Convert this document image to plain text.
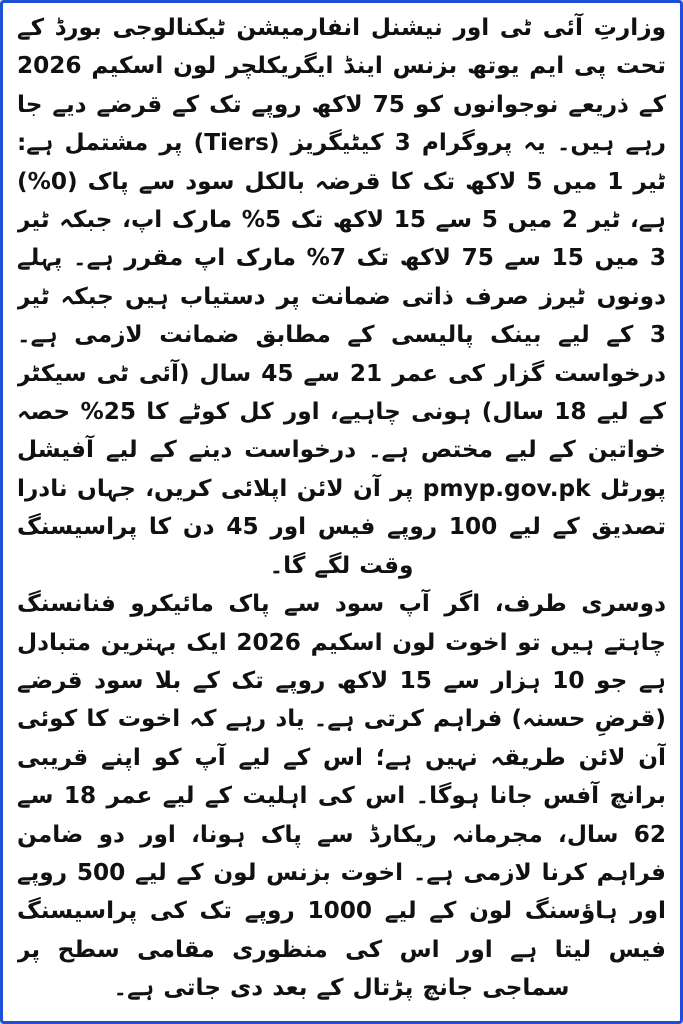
وزارتِ آئی ٹی اور نیشنل انفارمیشن ٹیکنالوجی بورڈ کے تحت پی ایم یوتھ بزنس اینڈ ایگریکلچر لون اسکیم 2026 کے ذریعے نوجوانوں کو 75 لاکھ روپے تک کے قرضے دیے جا رہے ہیں۔ یہ پروگرام 3 کیٹیگریز (Tiers) پر مشتمل ہے: ٹیر 1 میں 5 لاکھ تک کا قرضہ بالکل سود سے پاک (0%) ہے، ٹیر 2 میں 5 سے 15 لاکھ تک 5% مارک اپ، جبکہ ٹیر 3 میں 15 سے 75 لاکھ تک 7% مارک اپ مقرر ہے۔ پہلے دونوں ٹیرز صرف ذاتی ضمانت پر دستیاب ہیں جبکہ ٹیر 3 کے لیے بینک پالیسی کے مطابق ضمانت لازمی ہے۔ درخواست گزار کی عمر 21 سے 45 سال (آئی ٹی سیکٹر کے لیے 18 سال) ہونی چاہیے، اور کل کوٹے کا 25% حصہ خواتین کے لیے مختص ہے۔ درخواست دینے کے لیے آفیشل پورٹل pmyp.gov.pk پر آن لائن اپلائی کریں، جہاں نادرا تصدیق کے لیے 100 روپے فیس اور 45 دن کا پراسیسنگ وقت لگے گا۔

دوسری طرف، اگر آپ سود سے پاک مائیکرو فنانسنگ چاہتے ہیں تو اخوت لون اسکیم 2026 ایک بہترین متبادل ہے جو 10 ہزار سے 15 لاکھ روپے تک کے بلا سود قرضے (قرضِ حسنہ) فراہم کرتی ہے۔ یاد رہے کہ اخوت کا کوئی آن لائن طریقہ نہیں ہے؛ اس کے لیے آپ کو اپنے قریبی برانچ آفس جانا ہوگا۔ اس کی اہلیت کے لیے عمر 18 سے 62 سال، مجرمانہ ریکارڈ سے پاک ہونا، اور دو ضامن فراہم کرنا لازمی ہے۔ اخوت بزنس لون کے لیے 500 روپے اور ہاؤسنگ لون کے لیے 1000 روپے تک کی پراسیسنگ فیس لیتا ہے اور اس کی منظوری مقامی سطح پر سماجی جانچ پڑتال کے بعد دی جاتی ہے۔
